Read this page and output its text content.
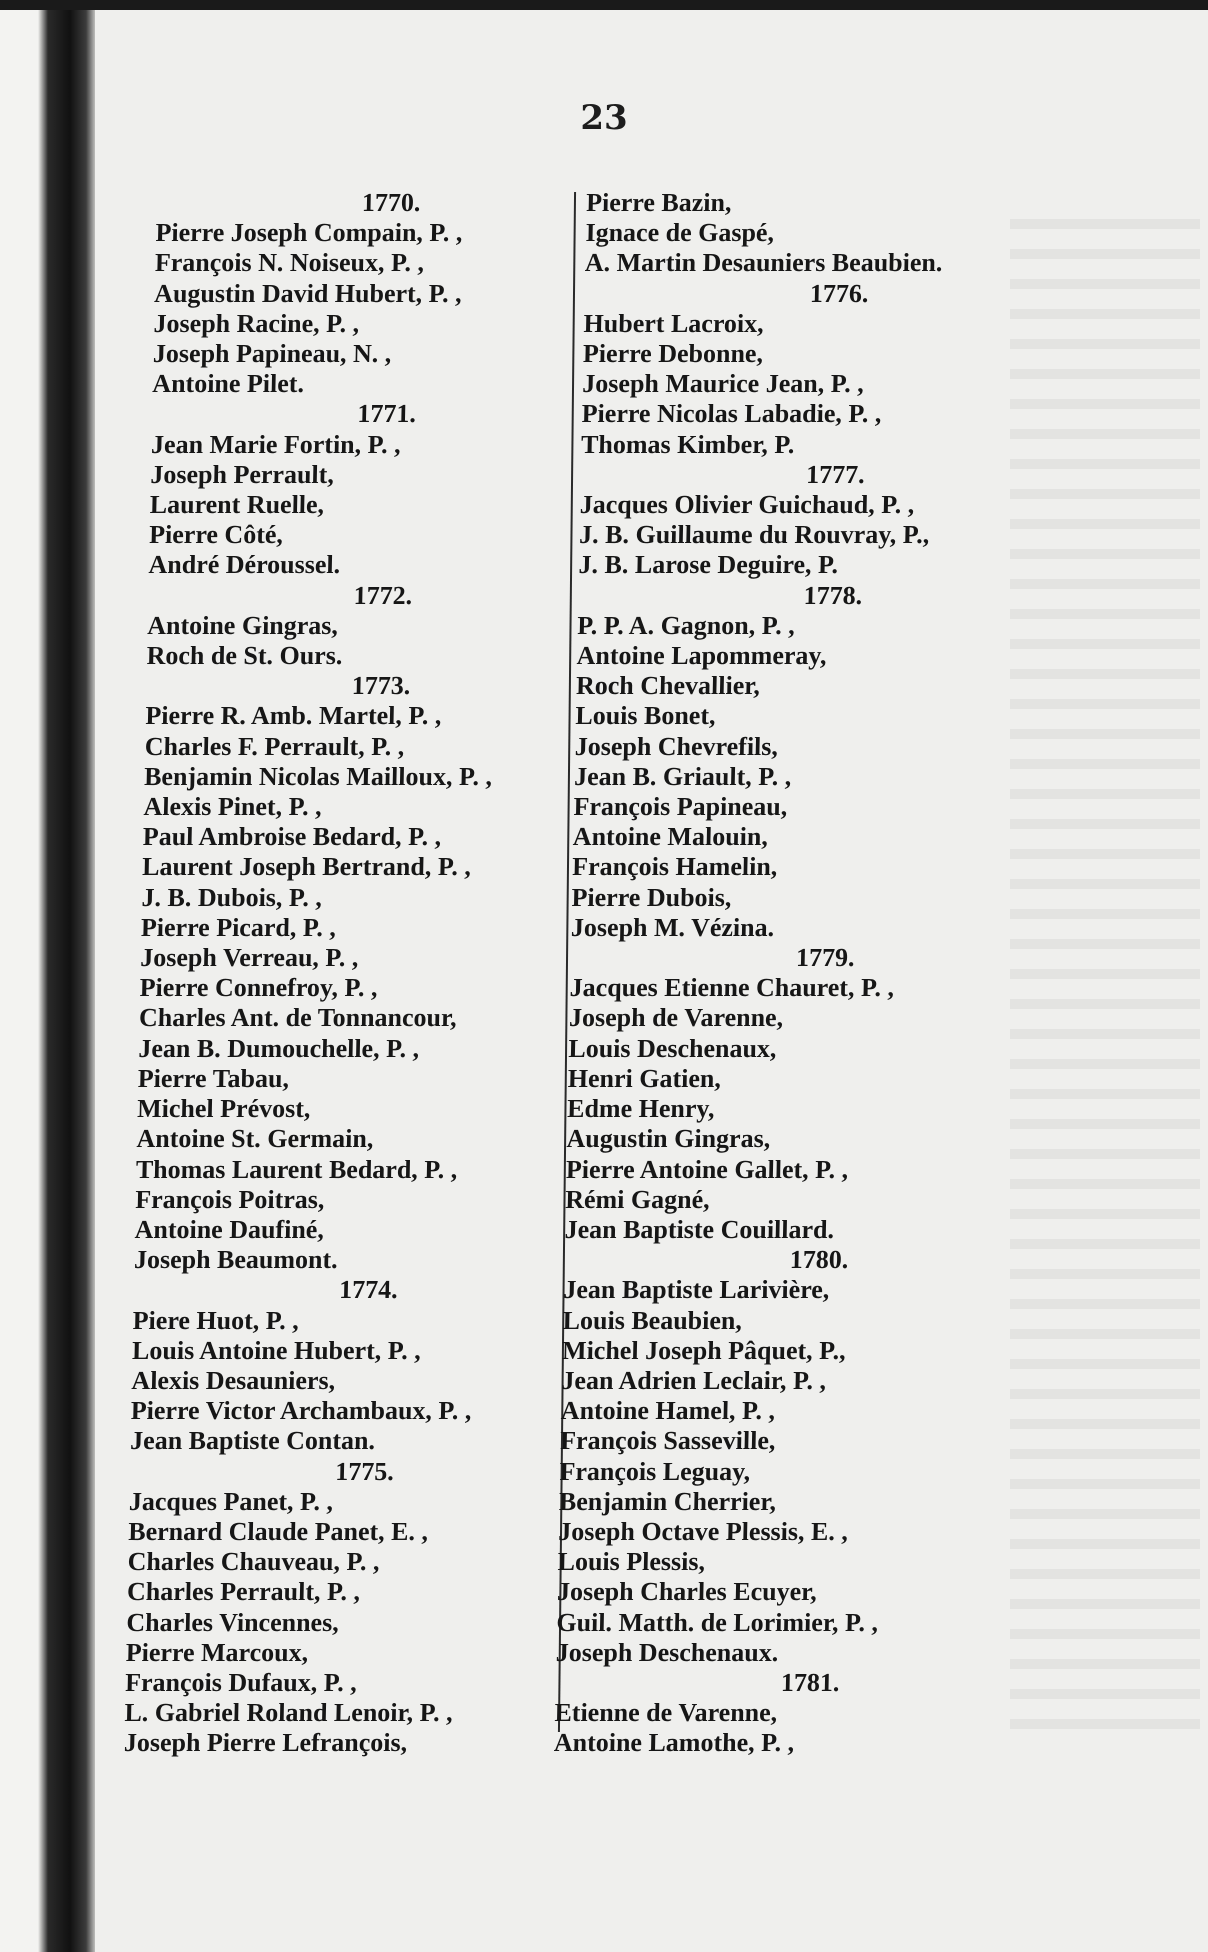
23
1770.
Pierre Joseph Compain, P. ,
François N. Noiseux, P. ,
Augustin David Hubert, P. ,
Joseph Racine, P. ,
Joseph Papineau, N. ,
Antoine Pilet.
1771.
Jean Marie Fortin, P. ,
Joseph Perrault,
Laurent Ruelle,
Pierre Côté,
André Déroussel.
1772.
Antoine Gingras,
Roch de St. Ours.
1773.
Pierre R. Amb. Martel, P. ,
Charles F. Perrault, P. ,
Benjamin Nicolas Mailloux, P. ,
Alexis Pinet, P. ,
Paul Ambroise Bedard, P. ,
Laurent Joseph Bertrand, P. ,
J. B. Dubois, P. ,
Pierre Picard, P. ,
Joseph Verreau, P. ,
Pierre Connefroy, P. ,
Charles Ant. de Tonnancour,
Jean B. Dumouchelle, P. ,
Pierre Tabau,
Michel Prévost,
Antoine St. Germain,
Thomas Laurent Bedard, P. ,
François Poitras,
Antoine Daufiné,
Joseph Beaumont.
1774.
Piere Huot, P. ,
Louis Antoine Hubert, P. ,
Alexis Desauniers,
Pierre Victor Archambaux, P. ,
Jean Baptiste Contan.
1775.
Jacques Panet, P. ,
Bernard Claude Panet, E. ,
Charles Chauveau, P. ,
Charles Perrault, P. ,
Charles Vincennes,
Pierre Marcoux,
François Dufaux, P. ,
L. Gabriel Roland Lenoir, P. ,
Joseph Pierre Lefrançois,
Pierre Bazin,
Ignace de Gaspé,
A. Martin Desauniers Beaubien.
1776.
Hubert Lacroix,
Pierre Debonne,
Joseph Maurice Jean, P. ,
Pierre Nicolas Labadie, P. ,
Thomas Kimber, P.
1777.
Jacques Olivier Guichaud, P. ,
J. B. Guillaume du Rouvray, P.,
J. B. Larose Deguire, P.
1778.
P. P. A. Gagnon, P. ,
Antoine Lapommeray,
Roch Chevallier,
Louis Bonet,
Joseph Chevrefils,
Jean B. Griault, P. ,
François Papineau,
Antoine Malouin,
François Hamelin,
Pierre Dubois,
Joseph M. Vézina.
1779.
Jacques Etienne Chauret, P. ,
Joseph de Varenne,
Louis Deschenaux,
Henri Gatien,
Edme Henry,
Augustin Gingras,
Pierre Antoine Gallet, P. ,
Rémi Gagné,
Jean Baptiste Couillard.
1780.
Jean Baptiste Larivière,
Louis Beaubien,
Michel Joseph Pâquet, P.,
Jean Adrien Leclair, P. ,
Antoine Hamel, P. ,
François Sasseville,
François Leguay,
Benjamin Cherrier,
Joseph Octave Plessis, E. ,
Louis Plessis,
Joseph Charles Ecuyer,
Guil. Matth. de Lorimier, P. ,
Joseph Deschenaux.
1781.
Etienne de Varenne,
Antoine Lamothe, P. ,
